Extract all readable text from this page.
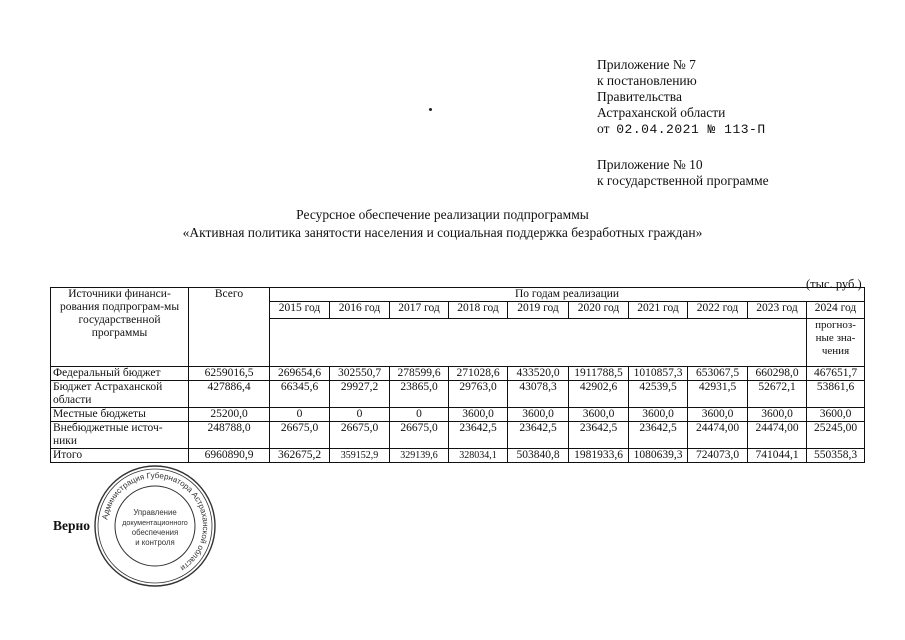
Приложение № 7
к постановлению
Правительства
Астраханской области
от 02.04.2021 № 113-П
Приложение № 10
к государственной программе
Ресурсное обеспечение реализации подпрограммы
«Активная политика занятости населения и социальная поддержка безработных граждан»
(тыс. руб.)
Источники финанси-рования подпрограм-мы государственной программы	Всего	По годам реализации									
		2015 год	2016 год	2017 год	2018 год	2019 год	2020 год	2021 год	2022 год	2023 год	2024 год
											прогноз-ные зна-чения
Федеральный бюджет	6259016,5	269654,6	302550,7	278599,6	271028,6	433520,0	1911788,5	1010857,3	653067,5	660298,0	467651,7
Бюджет Астраханской области	427886,4	66345,6	29927,2	23865,0	29763,0	43078,3	42902,6	42539,5	42931,5	52672,1	53861,6
Местные бюджеты	25200,0	0	0	0	3600,0	3600,0	3600,0	3600,0	3600,0	3600,0	3600,0
Внебюджетные источ-ники	248788,0	26675,0	26675,0	26675,0	23642,5	23642,5	23642,5	23642,5	24474,00	24474,00	25245,00
Итого	6960890,9	362675,2	359152,9	329139,6	328034,1	503840,8	1981933,6	1080639,3	724073,0	741044,1	550358,3
Верно
Администрация Губернатора Астраханской области
Управление
документационного
обеспечения
и контроля
